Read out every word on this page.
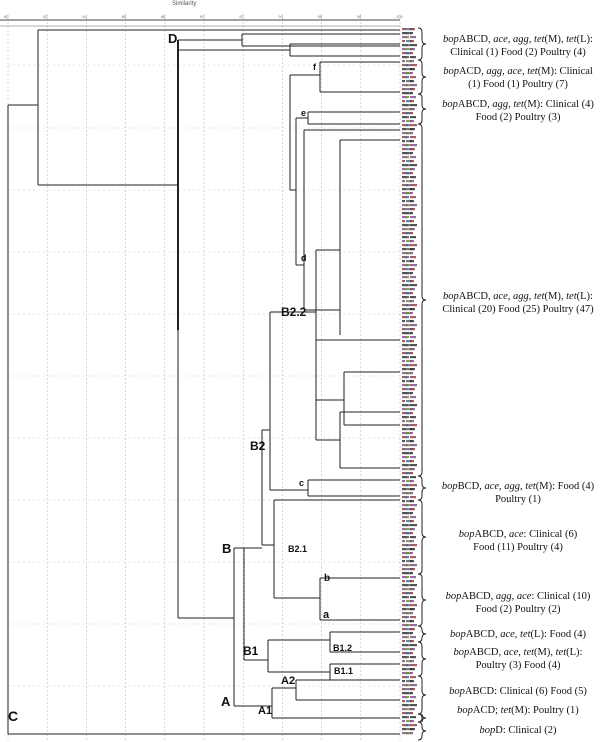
Similarity
80	82	84	86	88	90	92	94	96	98	100
D
C
A
A1
A2
B
B1	B1.2
B1.1
B2
B2.1
B2.2
a
b
c
d
e
f
bopABCD, ace, agg, tet(M), tet(L):
Clinical (1) Food (2) Poultry (4)
bopACD, agg, ace, tet(M): Clinical
(1) Food (1) Poultry (7)
bopABCD, agg, tet(M): Clinical (4)
Food (2) Poultry (3)
bopABCD, ace, agg, tet(M), tet(L):
Clinical (20) Food (25) Poultry (47)
bopBCD, ace, agg, tet(M): Food (4)
Poultry (1)
bopABCD, ace: Clinical (6)
Food (11) Poultry (4)
bopABCD, agg, ace: Clinical (10)
Food (2) Poultry (2)
bopABCD, ace, tet(L): Food (4)
bopABCD, ace, tet(M), tet(L):
Poultry (3) Food (4)
bopABCD: Clinical (6) Food (5)
bopACD; tet(M): Poultry (1)
bopD: Clinical (2)
